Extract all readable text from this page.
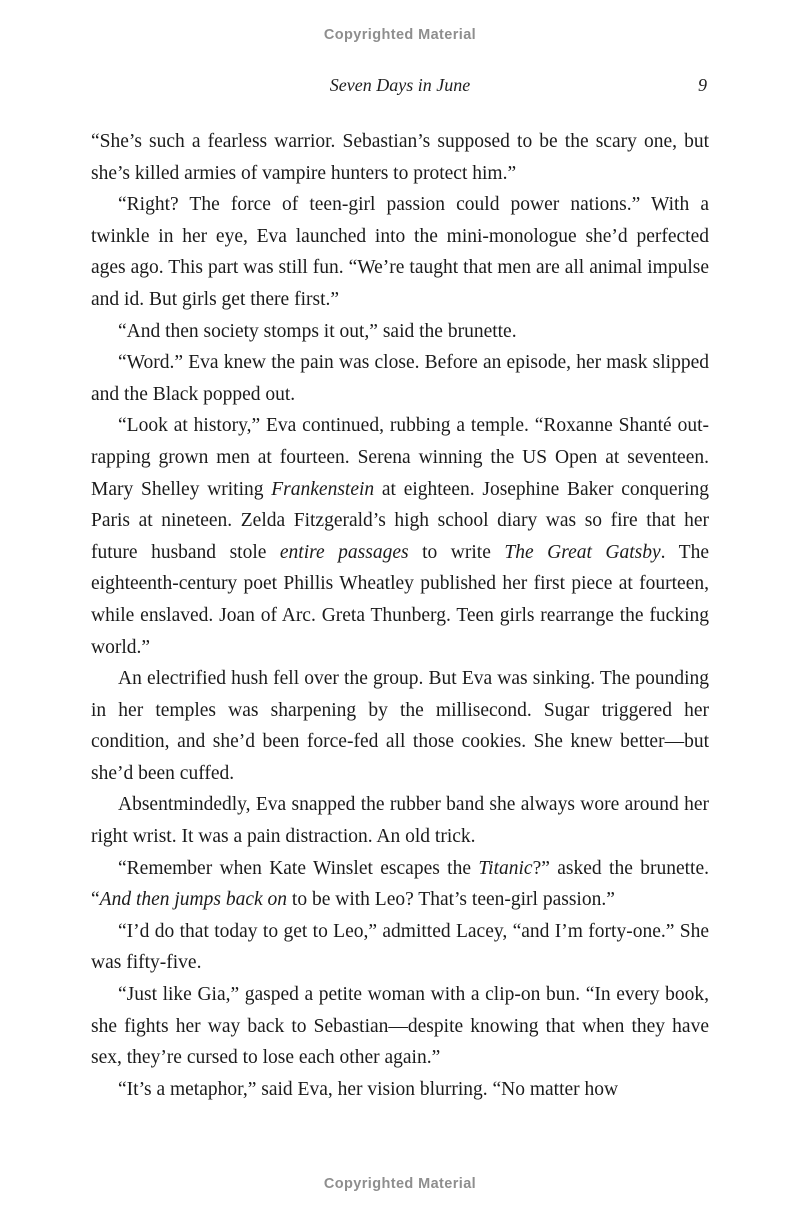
Copyrighted Material
Seven Days in June	9

“She’s such a fearless warrior. Sebastian’s supposed to be the scary one, but she’s killed armies of vampire hunters to protect him.”

“Right? The force of teen-girl passion could power nations.” With a twinkle in her eye, Eva launched into the mini-monologue she’d perfected ages ago. This part was still fun. “We’re taught that men are all animal impulse and id. But girls get there first.”

“And then society stomps it out,” said the brunette.

“Word.” Eva knew the pain was close. Before an episode, her mask slipped and the Black popped out.

“Look at history,” Eva continued, rubbing a temple. “Roxanne Shanté out-rapping grown men at fourteen. Serena winning the US Open at seventeen. Mary Shelley writing Frankenstein at eighteen. Josephine Baker conquering Paris at nineteen. Zelda Fitzgerald’s high school diary was so fire that her future husband stole entire passages to write The Great Gatsby. The eighteenth-century poet Phillis Wheatley published her first piece at fourteen, while enslaved. Joan of Arc. Greta Thunberg. Teen girls rearrange the fucking world.”

An electrified hush fell over the group. But Eva was sinking. The pounding in her temples was sharpening by the millisecond. Sugar triggered her condition, and she’d been force-fed all those cookies. She knew better—but she’d been cuffed.

Absentmindedly, Eva snapped the rubber band she always wore around her right wrist. It was a pain distraction. An old trick.

“Remember when Kate Winslet escapes the Titanic?” asked the brunette. “And then jumps back on to be with Leo? That’s teen-girl passion.”

“I’d do that today to get to Leo,” admitted Lacey, “and I’m forty-one.” She was fifty-five.

“Just like Gia,” gasped a petite woman with a clip-on bun. “In every book, she fights her way back to Sebastian—despite knowing that when they have sex, they’re cursed to lose each other again.”

“It’s a metaphor,” said Eva, her vision blurring. “No matter how

Copyrighted Material
